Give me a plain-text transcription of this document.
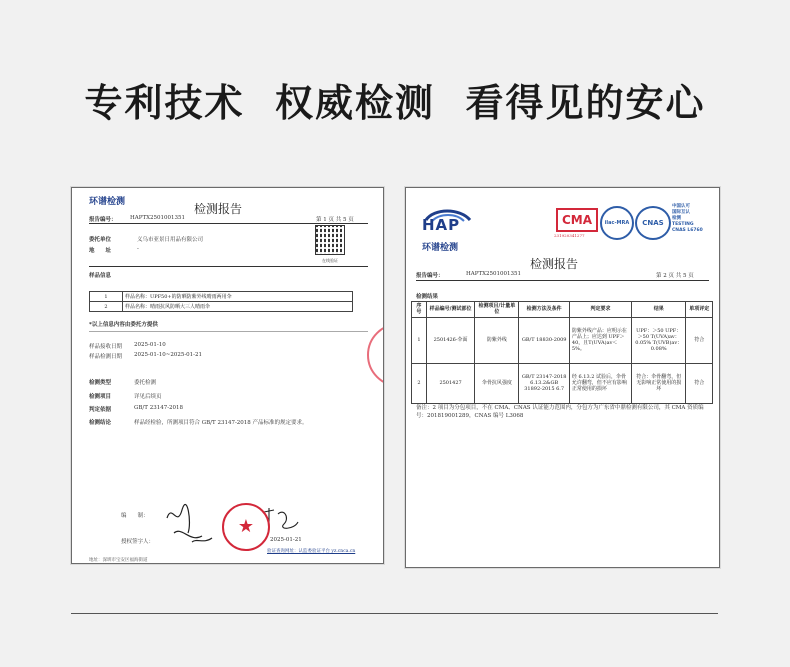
专利技术  权威检测  看得见的安心
环谱检测	检测报告
报告编号： HAPTX2501001351	第 1 页 共 5 页
委托单位	义乌市亚景日用品有限公司
地　　址	-
在线验证
样品信息
1	样品名称：UPF50+的防晒防紫外线晴雨两用伞
2	样品名称：晴雨抗风防晒大三人晴雨伞
*以上信息内容由委托方提供
样品接收日期 2025-01-10
样品检测日期 2025-01-10~2025-01-21
检测类型	委托检测
检测项目	详见后续页
判定依据	GB/T 23147-2018
检测结论	样品经检验，所测项目符合 GB/T 23147-2018 产品标准的规定要求。
编　　制：
授权签字人：
★
2025-01-21
验证查询网址：认监委验证平台 yz.cnca.cn
地址：深圳市宝安区福海街道
HAP
环谱检测
CMA
231920341277
ilac-MRA	CNAS
中国认可
国际互认
检测
TESTING
CNAS L6760
检测报告
报告编号：	HAPTX2501001351	第 2 页 共 5 页
检测结果
序号	样品编号/测试部位	检测项目/计量单位	检测方法及条件	判定要求	结果	单项评定
1	2501426-伞面	防紫外线	GB/T 18830-2009	防紫外线产品：应明示在产品上；应达到 UPF＞40，且T(UVA)av＜5%。	UPF：＞50 UPF：＞50 T(UVA)av：0.05% T(UVB)av：0.08%	符合
2	2501427	伞骨抗风强度	GB/T 23147-2018 6.13.2&GB 31892-2015 6.7	经 6.13.2 试验后，伞骨允许翻弯，但不应有影响正常使用的损坏	符合：伞骨翻弯，但无影响正常使用的损坏	符合
备注：2 项目为分包项目，不在 CMA、CNAS 认证能力范围内，分包方为广东省中鼎检测有限公司，其 CMA 资质编号：201819001289，CNAS 编号 L3068
